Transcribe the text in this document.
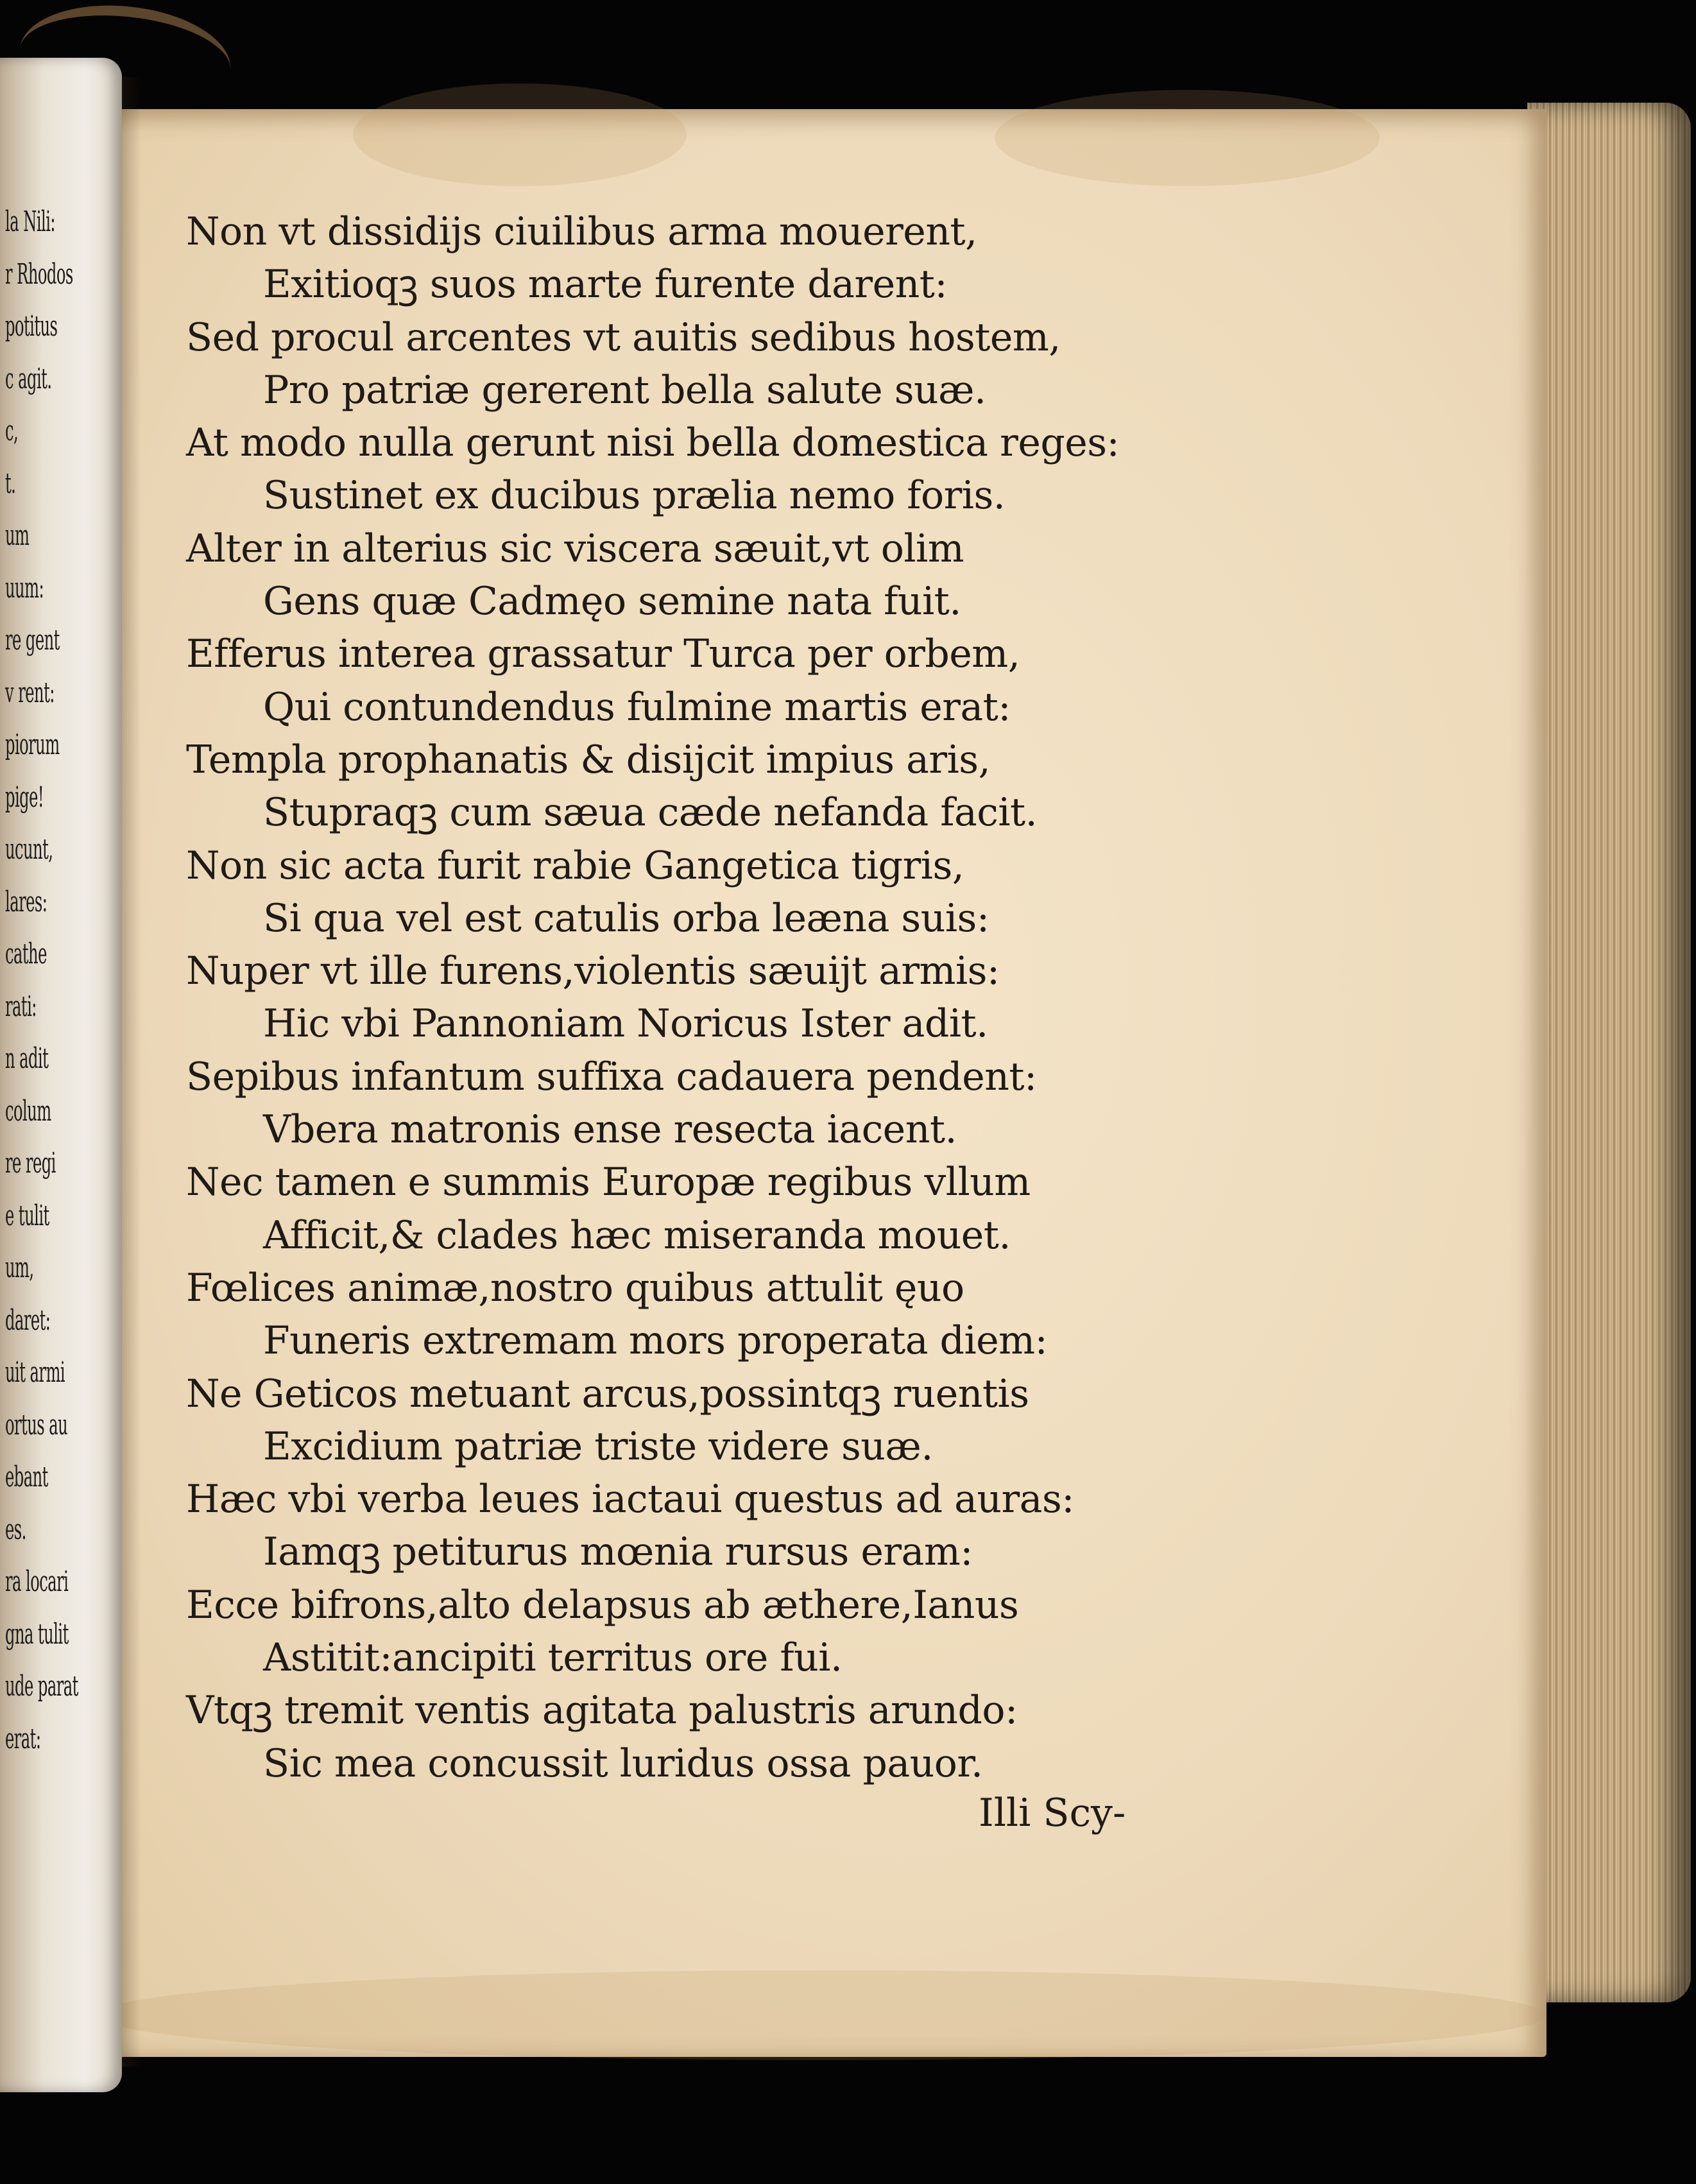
la Nili:
r Rhodos
potitus
c agit.
c,
t.
um
uum:
re gent
v rent:
piorum
pige!
ucunt,
lares:
cathe
rati:
n adit
colum
re regi
e tulit
um,
daret:
uit armi
ortus au
ebant
es.
ra locari
gna tulit
ude parat
erat:
Non vt dissidijs ciuilibus arma mouerent,
Exitioqꝫ suos marte furente darent:
Sed procul arcentes vt auitis sedibus hostem,
Pro patriæ gererent bella salute suæ.
At modo nulla gerunt nisi bella domestica reges:
Sustinet ex ducibus prælia nemo foris.
Alter in alterius sic viscera sæuit,vt olim
Gens quæ Cadmęo semine nata fuit.
Efferus interea grassatur Turca per orbem,
Qui contundendus fulmine martis erat:
Templa prophanatis & disijcit impius aris,
Stupraqꝫ cum sæua cæde nefanda facit.
Non sic acta furit rabie Gangetica tigris,
Si qua vel est catulis orba leæna suis:
Nuper vt ille furens,violentis sæuijt armis:
Hic vbi Pannoniam Noricus Ister adit.
Sepibus infantum suffixa cadauera pendent:
Vbera matronis ense resecta iacent.
Nec tamen e summis Europæ regibus vllum
Afficit,& clades hæc miseranda mouet.
Fœlices animæ,nostro quibus attulit ęuo
Funeris extremam mors properata diem:
Ne Geticos metuant arcus,possintqꝫ ruentis
Excidium patriæ triste videre suæ.
Hæc vbi verba leues iactaui questus ad auras:
Iamqꝫ petiturus mœnia rursus eram:
Ecce bifrons,alto delapsus ab æthere,Ianus
Astitit:ancipiti territus ore fui.
Vtqꝫ tremit ventis agitata palustris arundo:
Sic mea concussit luridus ossa pauor.
Illi Scy-
